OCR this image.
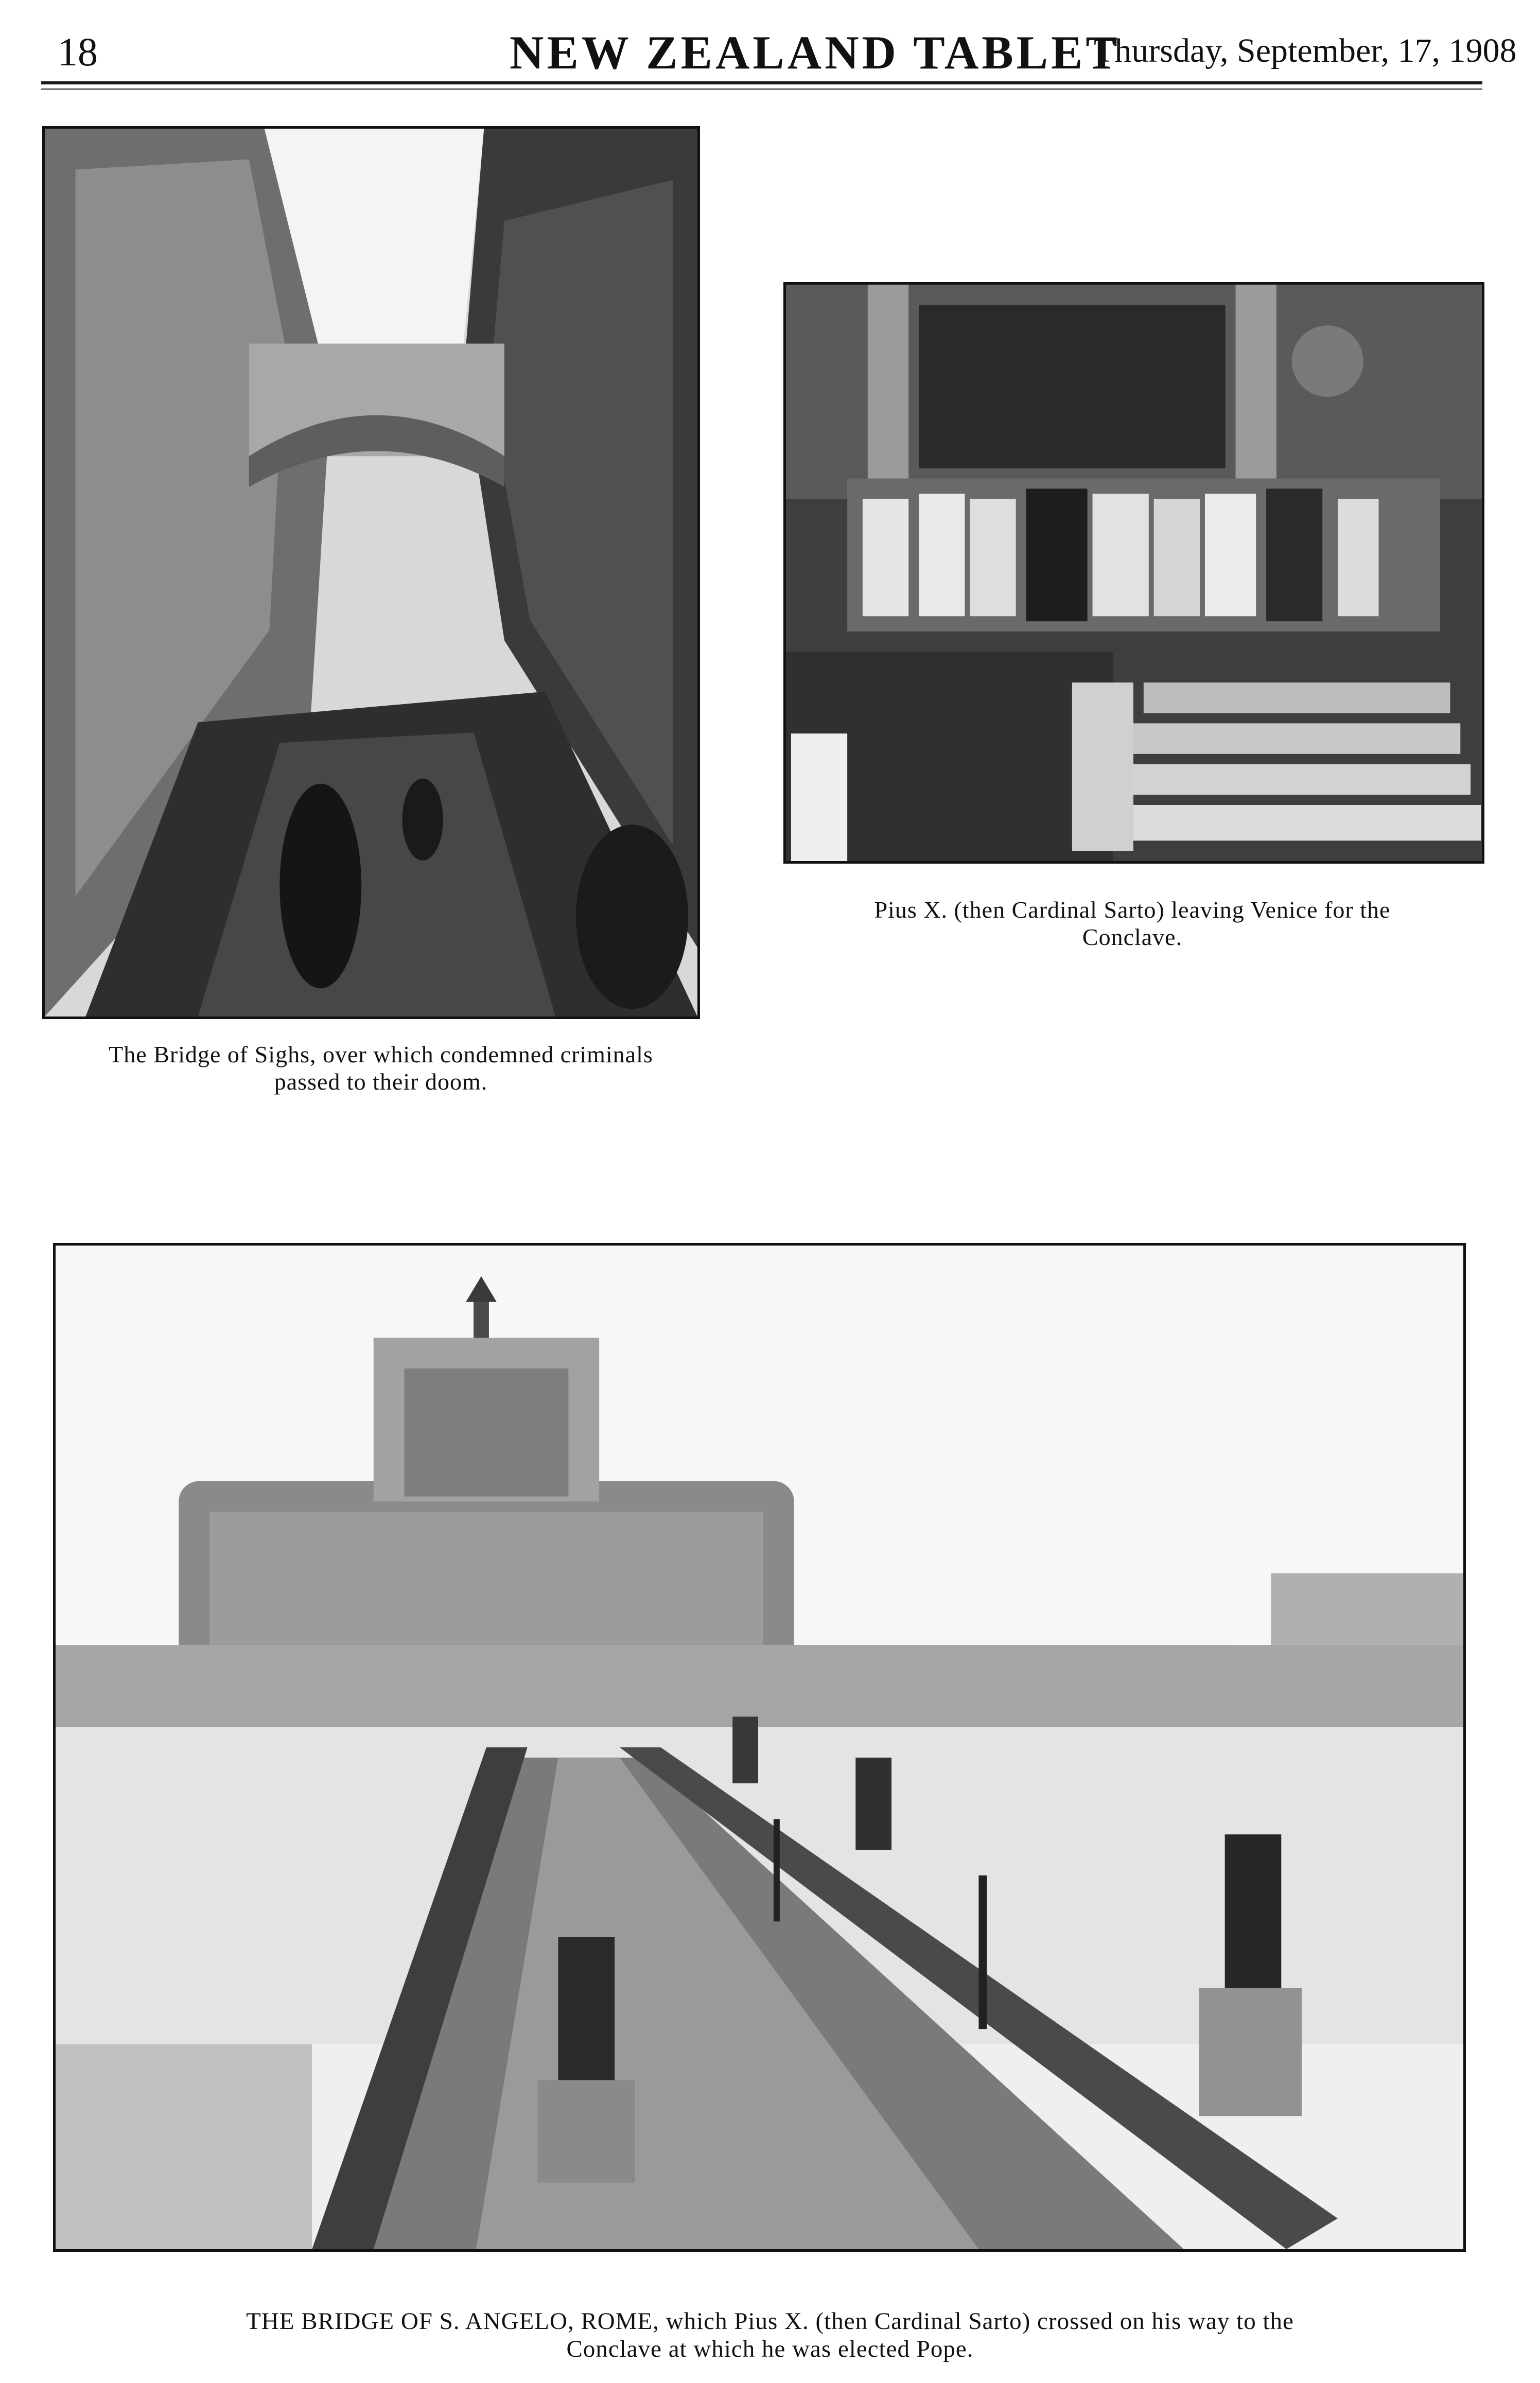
18	NEW ZEALAND TABLET
Thursday, September, 17, 1908
Pius X. (then Cardinal Sarto) leaving Venice for the
Conclave.
The Bridge of Sighs, over which condemned criminals
passed to their doom.
THE BRIDGE OF S. ANGELO, ROME, which Pius X. (then Cardinal Sarto) crossed on his way to the
Conclave at which he was elected Pope.
